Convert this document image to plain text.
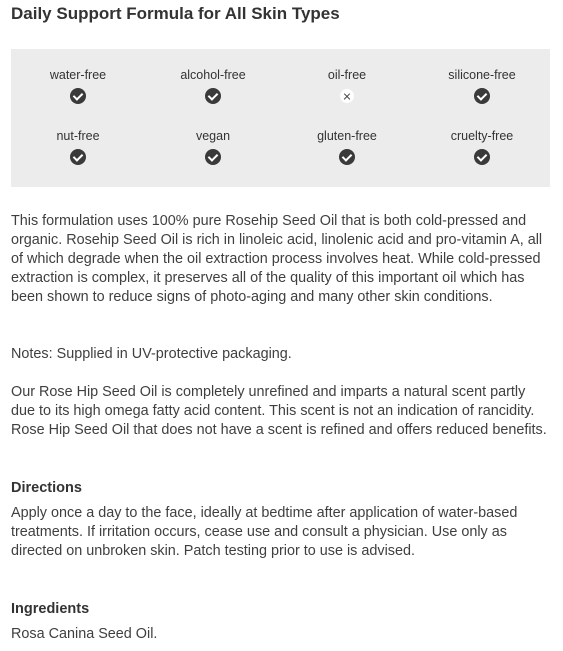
Daily Support Formula for All Skin Types
water-free	alcohol-free	oil-free	silicone-free
nut-free	vegan	gluten-free	cruelty-free

This formulation uses 100% pure Rosehip Seed Oil that is both cold-pressed and organic. Rosehip Seed Oil is rich in linoleic acid, linolenic acid and pro-vitamin A, all of which degrade when the oil extraction process involves heat. While cold-pressed extraction is complex, it preserves all of the quality of this important oil which has been shown to reduce signs of photo-aging and many other skin conditions.

Notes: Supplied in UV-protective packaging.

Our Rose Hip Seed Oil is completely unrefined and imparts a natural scent partly due to its high omega fatty acid content. This scent is not an indication of rancidity. Rose Hip Seed Oil that does not have a scent is refined and offers reduced benefits.

Directions

Apply once a day to the face, ideally at bedtime after application of water-based treatments. If irritation occurs, cease use and consult a physician. Use only as directed on unbroken skin. Patch testing prior to use is advised.

Ingredients

Rosa Canina Seed Oil.
